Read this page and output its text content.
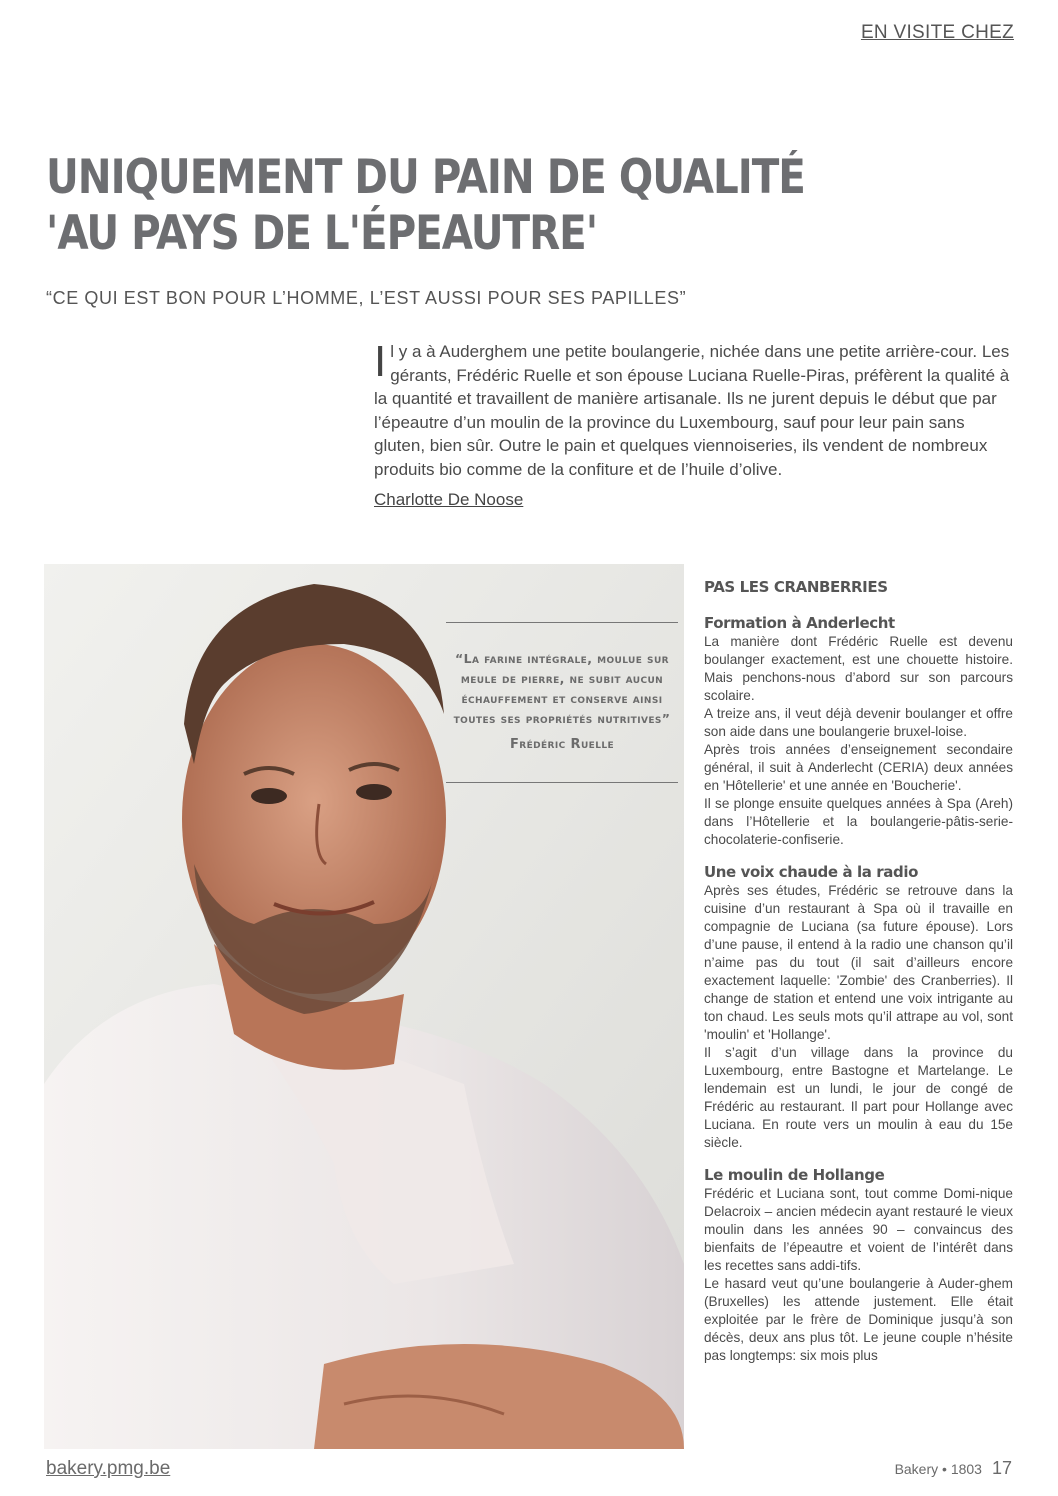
EN VISITE CHEZ
UNIQUEMENT DU PAIN DE QUALITÉ
'AU PAYS DE L'ÉPEAUTRE'
“CE QUI EST BON POUR L’HOMME, L’EST AUSSI POUR SES PAPILLES”

Il y a à Auderghem une petite boulangerie, nichée dans une petite arrière-cour. Les gérants, Frédéric Ruelle et son épouse Luciana Ruelle-Piras, préfèrent la qualité à la quantité et travaillent de manière artisanale. Ils ne jurent depuis le début que par l’épeautre d’un moulin de la province du Luxembourg, sauf pour leur pain sans gluten, bien sûr. Outre le pain et quelques viennoiseries, ils vendent de nombreux produits bio comme de la confiture et de l’huile d’olive.

Charlotte De Noose
“La farine intégrale, moulue sur meule de pierre, ne subit aucun échauffement et conserve ainsi toutes ses propriétés nutritives”
Frédéric Ruelle
PAS LES CRANBERRIES
Formation à Anderlecht

La manière dont Frédéric Ruelle est devenu boulanger exactement, est une chouette histoire. Mais penchons-nous d’abord sur son parcours scolaire.

A treize ans, il veut déjà devenir boulanger et offre son aide dans une boulangerie bruxel-loise.

Après trois années d’enseignement secondaire général, il suit à Anderlecht (CERIA) deux années en 'Hôtellerie' et une année en 'Boucherie'.

Il se plonge ensuite quelques années à Spa (Areh) dans l’Hôtellerie et la boulangerie-pâtis-serie-chocolaterie-confiserie.

Une voix chaude à la radio

Après ses études, Frédéric se retrouve dans la cuisine d’un restaurant à Spa où il travaille en compagnie de Luciana (sa future épouse). Lors d’une pause, il entend à la radio une chanson qu’il n’aime pas du tout (il sait d’ailleurs encore exactement laquelle: 'Zombie' des Cranberries). Il change de station et entend une voix intrigante au ton chaud. Les seuls mots qu’il attrape au vol, sont 'moulin' et 'Hollange'.

Il s’agit d’un village dans la province du Luxembourg, entre Bastogne et Martelange. Le lendemain est un lundi, le jour de congé de Frédéric au restaurant. Il part pour Hollange avec Luciana. En route vers un moulin à eau du 15e siècle.

Le moulin de Hollange

Frédéric et Luciana sont, tout comme Domi-nique Delacroix – ancien médecin ayant restauré le vieux moulin dans les années 90 – convaincus des bienfaits de l’épeautre et voient de l’intérêt dans les recettes sans addi-tifs.

Le hasard veut qu’une boulangerie à Auder-ghem (Bruxelles) les attende justement. Elle était exploitée par le frère de Dominique jusqu’à son décès, deux ans plus tôt. Le jeune couple n’hésite pas longtemps: six mois plus

bakery.pmg.be	Bakery • 1803 17
